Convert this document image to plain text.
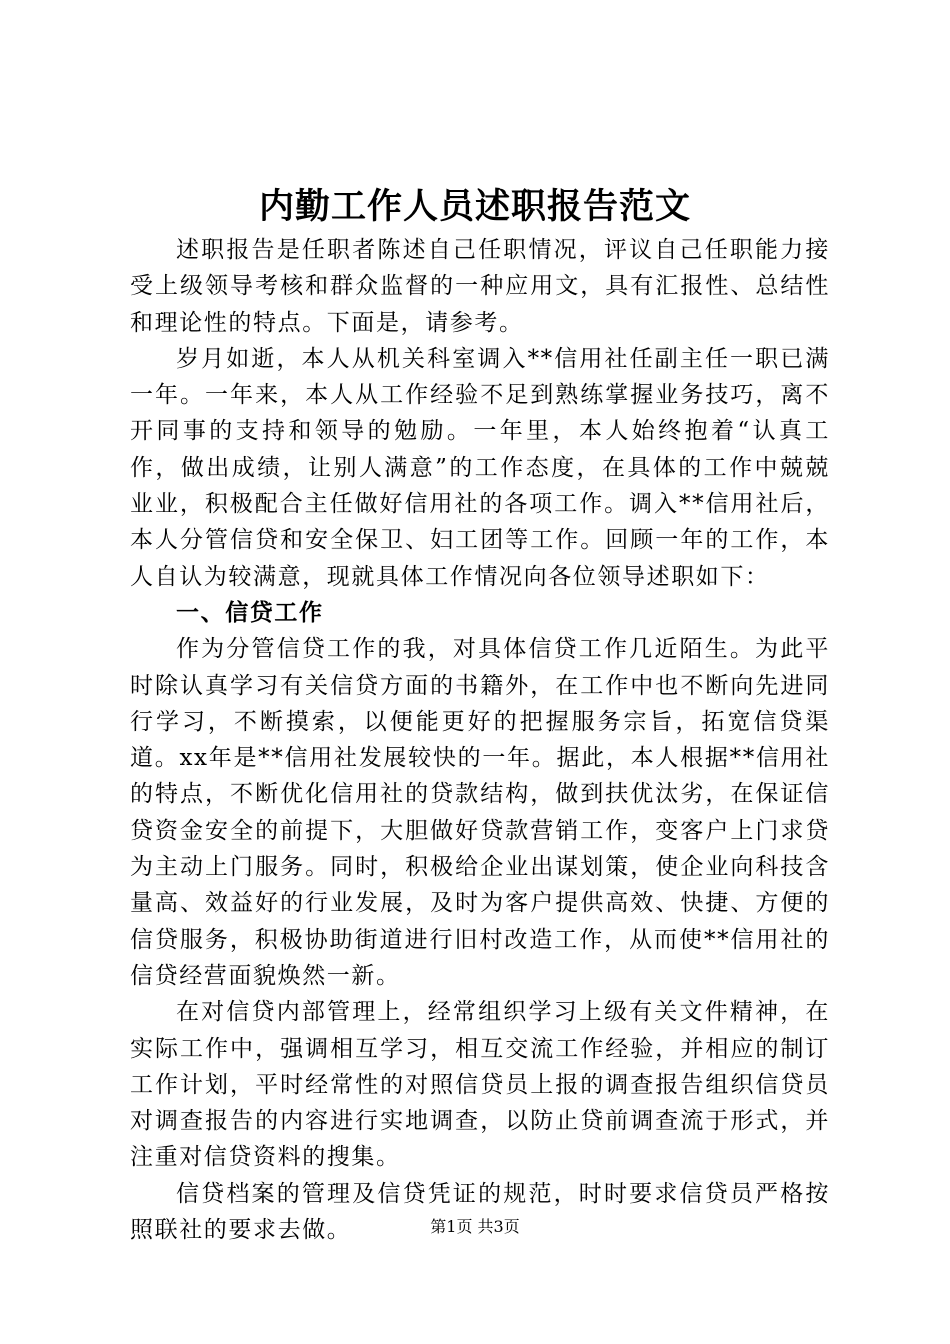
内勤工作人员述职报告范文

述职报告是任职者陈述自己任职情况，评议自己任职能力接受上级领导考核和群众监督的一种应用文，具有汇报性、总结性和理论性的特点。下面是，请参考。

岁月如逝，本人从机关科室调入**信用社任副主任一职已满一年。一年来，本人从工作经验不足到熟练掌握业务技巧，离不开同事的支持和领导的勉励。一年里，本人始终抱着“认真工作，做出成绩，让别人满意”的工作态度，在具体的工作中兢兢业业，积极配合主任做好信用社的各项工作。调入**信用社后，本人分管信贷和安全保卫、妇工团等工作。回顾一年的工作，本人自认为较满意，现就具体工作情况向各位领导述职如下：

一、信贷工作

作为分管信贷工作的我，对具体信贷工作几近陌生。为此平时除认真学习有关信贷方面的书籍外，在工作中也不断向先进同行学习，不断摸索，以便能更好的把握服务宗旨，拓宽信贷渠道。xx年是**信用社发展较快的一年。据此，本人根据**信用社的特点，不断优化信用社的贷款结构，做到扶优汰劣，在保证信贷资金安全的前提下，大胆做好贷款营销工作，变客户上门求贷为主动上门服务。同时，积极给企业出谋划策，使企业向科技含量高、效益好的行业发展，及时为客户提供高效、快捷、方便的信贷服务，积极协助街道进行旧村改造工作，从而使**信用社的信贷经营面貌焕然一新。

在对信贷内部管理上，经常组织学习上级有关文件精神，在实际工作中，强调相互学习，相互交流工作经验，并相应的制订工作计划，平时经常性的对照信贷员上报的调查报告组织信贷员对调查报告的内容进行实地调查，以防止贷前调查流于形式，并注重对信贷资料的搜集。

信贷档案的管理及信贷凭证的规范，时时要求信贷员严格按照联社的要求去做。	第1页 共3页
